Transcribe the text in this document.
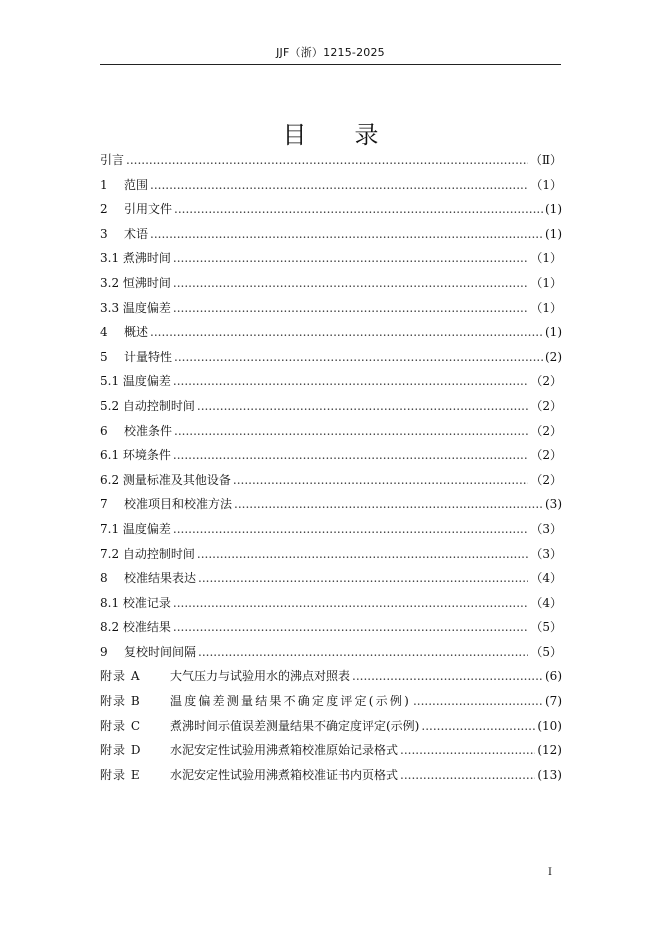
JJF（浙）1215-2025
目录
引言 .....	（Ⅱ）
1	范围 .....	（1）
2	引用文件 .....	(1)
3	术语 .....	(1)
3.1 煮沸时间 .....	（1）
3.2 恒沸时间 .....	（1）
3.3 温度偏差 .....	（1）
4	概述 .....	(1)
5	计量特性 .....	(2)
5.1 温度偏差 .....	（2）
5.2 自动控制时间 .....	（2）
6	校准条件 .....	（2）
6.1 环境条件 .....	（2）
6.2 测量标准及其他设备 .....	（2）
7	校准项目和校准方法 .....	(3)
7.1 温度偏差 .....	（3）
7.2 自动控制时间 .....	（3）
8	校准结果表达 .....	（4）
8.1 校准记录 .....	（4）
8.2 校准结果 .....	（5）
9	复校时间间隔 .....	（5）
附录 A	大气压力与试验用水的沸点对照表 .....	(6)
附录 B	温度偏差测量结果不确定度评定(示例) .....	(7)
附录 C	煮沸时间示值误差测量结果不确定度评定(示例) .....	(10)
附录 D	水泥安定性试验用沸煮箱校准原始记录格式 .....	(12)
附录 E	水泥安定性试验用沸煮箱校准证书内页格式 .....	(13)
I
